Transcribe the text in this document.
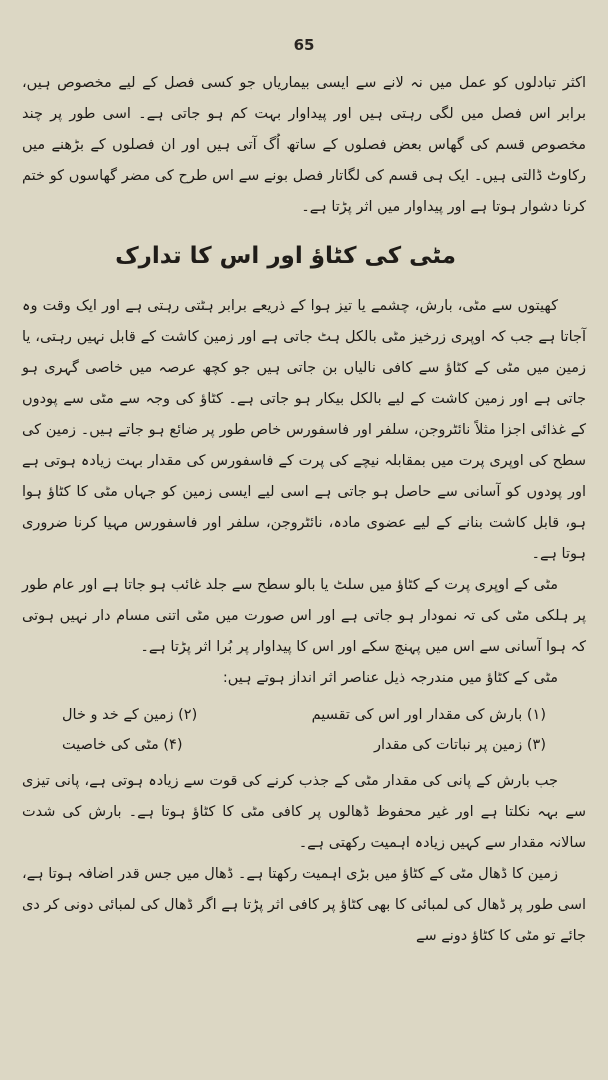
65

اکثر تبادلوں کو عمل میں نہ لانے سے ایسی بیماریاں جو کسی فصل کے لیے مخصوص ہیں، برابر اس فصل میں لگی رہتی ہیں اور پیداوار بہت کم ہو جاتی ہے۔ اسی طور پر چند مخصوص قسم کی گھاس بعض فصلوں کے ساتھ اُگ آتی ہیں اور ان فصلوں کے بڑھنے میں رکاوٹ ڈالتی ہیں۔ ایک ہی قسم کی لگاتار فصل بونے سے اس طرح کی مضر گھاسوں کو ختم کرنا دشوار ہوتا ہے اور پیداوار میں اثر پڑتا ہے۔

مٹی کی کٹاؤ اور اس کا تدارک

کھیتوں سے مٹی، بارش، چشمے یا تیز ہوا کے ذریعے برابر ہٹتی رہتی ہے اور ایک وقت وہ آجاتا ہے جب کہ اوپری زرخیز مٹی بالکل ہٹ جاتی ہے اور زمین کاشت کے قابل نہیں رہتی، یا زمین میں مٹی کے کٹاؤ سے کافی نالیاں بن جاتی ہیں جو کچھ عرصہ میں خاصی گہری ہو جاتی ہے اور زمین کاشت کے لیے بالکل بیکار ہو جاتی ہے۔ کٹاؤ کی وجہ سے مٹی سے پودوں کے غذائی اجزا مثلاً نائٹروجن، سلفر اور فاسفورس خاص طور پر ضائع ہو جاتے ہیں۔ زمین کی سطح کی اوپری پرت میں بمقابلہ نیچے کی پرت کے فاسفورس کی مقدار بہت زیادہ ہوتی ہے اور پودوں کو آسانی سے حاصل ہو جاتی ہے اسی لیے ایسی زمین کو جہاں مٹی کا کٹاؤ ہوا ہو، قابل کاشت بنانے کے لیے عضوی مادہ، نائٹروجن، سلفر اور فاسفورس مہیا کرنا ضروری ہوتا ہے۔

مٹی کے اوپری پرت کے کٹاؤ میں سلٹ یا بالو سطح سے جلد غائب ہو جاتا ہے اور عام طور پر ہلکی مٹی کی تہ نمودار ہو جاتی ہے اور اس صورت میں مٹی اتنی مسام دار نہیں ہوتی کہ ہوا آسانی سے اس میں پہنچ سکے اور اس کا پیداوار پر بُرا اثر پڑتا ہے۔

مٹی کے کٹاؤ میں مندرجہ ذیل عناصر اثر انداز ہوتے ہیں:

(۱) بارش کی مقدار اور اس کی تقسیم
(۲) زمین کے خد و خال
(۳) زمین پر نباتات کی مقدار
(۴) مٹی کی خاصیت

جب بارش کے پانی کی مقدار مٹی کے جذب کرنے کی قوت سے زیادہ ہوتی ہے، پانی تیزی سے بہہ نکلتا ہے اور غیر محفوظ ڈھالوں پر کافی مٹی کا کٹاؤ ہوتا ہے۔ بارش کی شدت سالانہ مقدار سے کہیں زیادہ اہمیت رکھتی ہے۔

زمین کا ڈھال مٹی کے کٹاؤ میں بڑی اہمیت رکھتا ہے۔ ڈھال میں جس قدر اضافہ ہوتا ہے، اسی طور پر ڈھال کی لمبائی کا بھی کٹاؤ پر کافی اثر پڑتا ہے اگر ڈھال کی لمبائی دونی کر دی جائے تو مٹی کا کٹاؤ دونے سے
